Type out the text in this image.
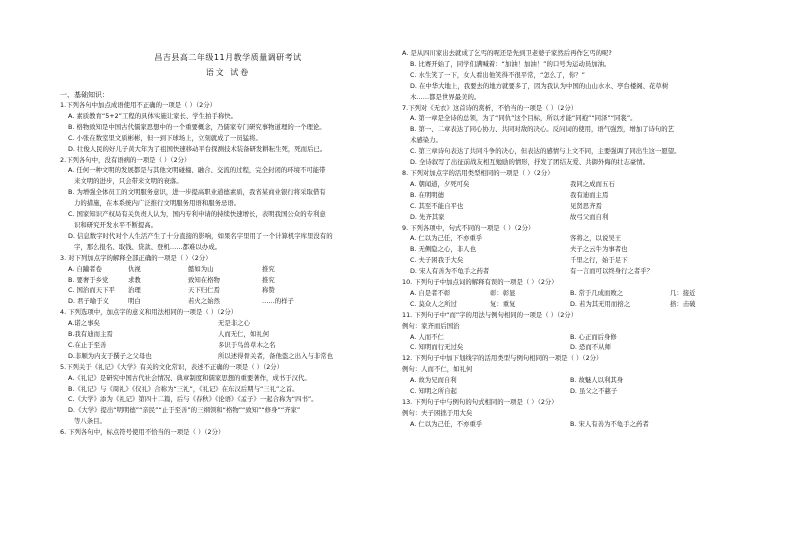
昌吉县高二年级11月教学质量调研考试
语文 试卷
一、基础知识：
1.下列各句中加点成语使用不正确的一项是（ ）（2分）
A. 素质教育“5+2”工程的具体实施让家长、学生拍手称快。
B. 格物致知是中国古代儒家思想中的一个重要概念，乃儒家专门研究事物道理的一个理论。
C. 小张在数室里文质彬彬，但一到下球场上，立刻就成了一员猛将。
D. 壮俊人民的好儿子黄大年为了祖国快速移动平台探测技术装备研发耕耘生死，死而后已。
2.下列各句中，没有语病的一项是（ ）（2分）
A. 任何一种文明的发展都是与其他文明碰撞、融合、交流的过程，完全封闭的环境不可能带
来文明的进步，只会带来文明的衰落。
B. 为增强全体员工的文明服务意识，进一步提高职业道德素质，我省某商业银行将采取借有
力的措施，在本系统内广泛推行文明服务用语和服务忌语。
C. 国家知识产权局有关负责人认为，国内专利申请的持续快速增长，表明我国公众的专利意
识和研究开发水平不断提高。
D. 信息数字时代对个人生活产生了十分直接的影响，如果名字里用了一个计算机字库里没有的
字，那么报名、取钱、贷款、登机……都难以办成。
3. 对下列加点字的解释全部正确的一项是（ ）（2分）
A. 自躏者卷	仇视	懿如为山	推究
B. 要奢于乡党	求教	致知在格物	推究
C. 国治而天下平	治理	天下归仁焉	称赞
D. 君子喻于义	明白	若火之始然	……的样子
4. 下列选项中，加点字的意义和用法相同的一项是（ ）（2分）
A.诺之事矣	无是非之心
B.我有迪而主焉	人而无仁，如礼何
C.在止于至善	多识于鸟兽草木之名
D.非顺为内支于撰子之父母也	所以述得骨关者，备他盗之出入与非常也
5.下列关于《礼记》《大学》有关的文化常识，表述不正确的一项是（ ）（2分）
A.《礼记》是研究中国古代社会情况、典章制度和儒家思想的重要著作，成书于汉代。
B.《礼记》与《周礼》《仪礼》合称为“三礼”，《礼记》在东汉后期与“三礼”之首。
C.《大学》添为《礼记》第四十二篇，后与《春秋》《论语》《孟子》一起合称为“四书”。
D.《大学》提出“明明德”“亲民”“止于至善”的三纲领和“格物”“致知”“修身”“齐家”
等八条目。
6. 下列各句中，标点符号使用不恰当的一项是（ ）（2分）
A. 是从四川家出去就成了乞丐的呢还是先到卫老婆子家然后再作乞丐的呢?
B. 比赛开始了，同学们满喊着：“加油！加油！”的口号为运动员加油。
C. 水生笑了一下，女人看出他笑得不很平常，“怎么了，你？”
D. 在中华大地上，我要去的地方就要多了，因为我认为中国的山山水水、亭台楼阁、花草树
木……都是世界最美的。
7.下列对《无衣》这首诗的赏析，不恰当的一项是（ ）（2分）
A. 第一章是全诗的总领，为了“同仇”这个目标，所以才能“同袍”“同泽”“同裳”。
B. 第一、二章表达了同心协力、共同对敌的决心。反问词的使用，语气强烈，增加了诗句的艺
术感染力。
C. 第三章诗句表达了共同斗争的决心，但表达的感情与上文不同，主要强调了同出生这一愿望。
D. 全诗叙写了出征前战友相互勉励的情形，抒发了团结友爱、共御外侮的壮志豪情。
8. 下列对加点字的活用类型相同的一项是（ ）（2分）
A. 朝闻道，夕死可矣	我同之成而五石
B. 在明明德	我有迪而主焉
C. 其至不能自平也	见贤思齐焉
D. 先齐其家	故弓父而自利
9. 下列各项中，句式不同的一项是（ ）（2分）
A. 仁以为己任，不亦重乎	客将之，以说吴王
B. 无侧隐之心，非人也	夫子之云牛为事者也
C. 夫子困我于大矣	千里之行，始于足下
D. 宋人有善为不龟手之药者	有一言而可以终身行之者乎？
10. 下列句子中加点词的解释有误的一项是（ ）（2分）
A. 自是者不彰	彰：彰显	B. 常于几成而败之	几：接近
C. 莫众人之所过	复：重复	D. 若为其无用而掊之	掊：击破
11. 下列句子中“而”字的用法与例句相同的一项是（ ）（2分）
例句：家齐而后国治
A. 人而不仁	B. 心正而后身修
C. 知明而行无过矣	D. 恐而不从师
12. 下列句子中加下划线字的活用类型与例句相同的一项是（ ）（2分）
例句：人而不仁，如礼何
A. 故为兄而自利	B. 故魅人以利其身
C. 知明之所自起	D. 虽父之不慈子
13. 下列句子中与例句的句式相同的一项是（ ）（2分）
例句：夫子困拙于用大矣
A. 仁以为己任，不亦重乎	B. 宋人有善为不龟手之药者
